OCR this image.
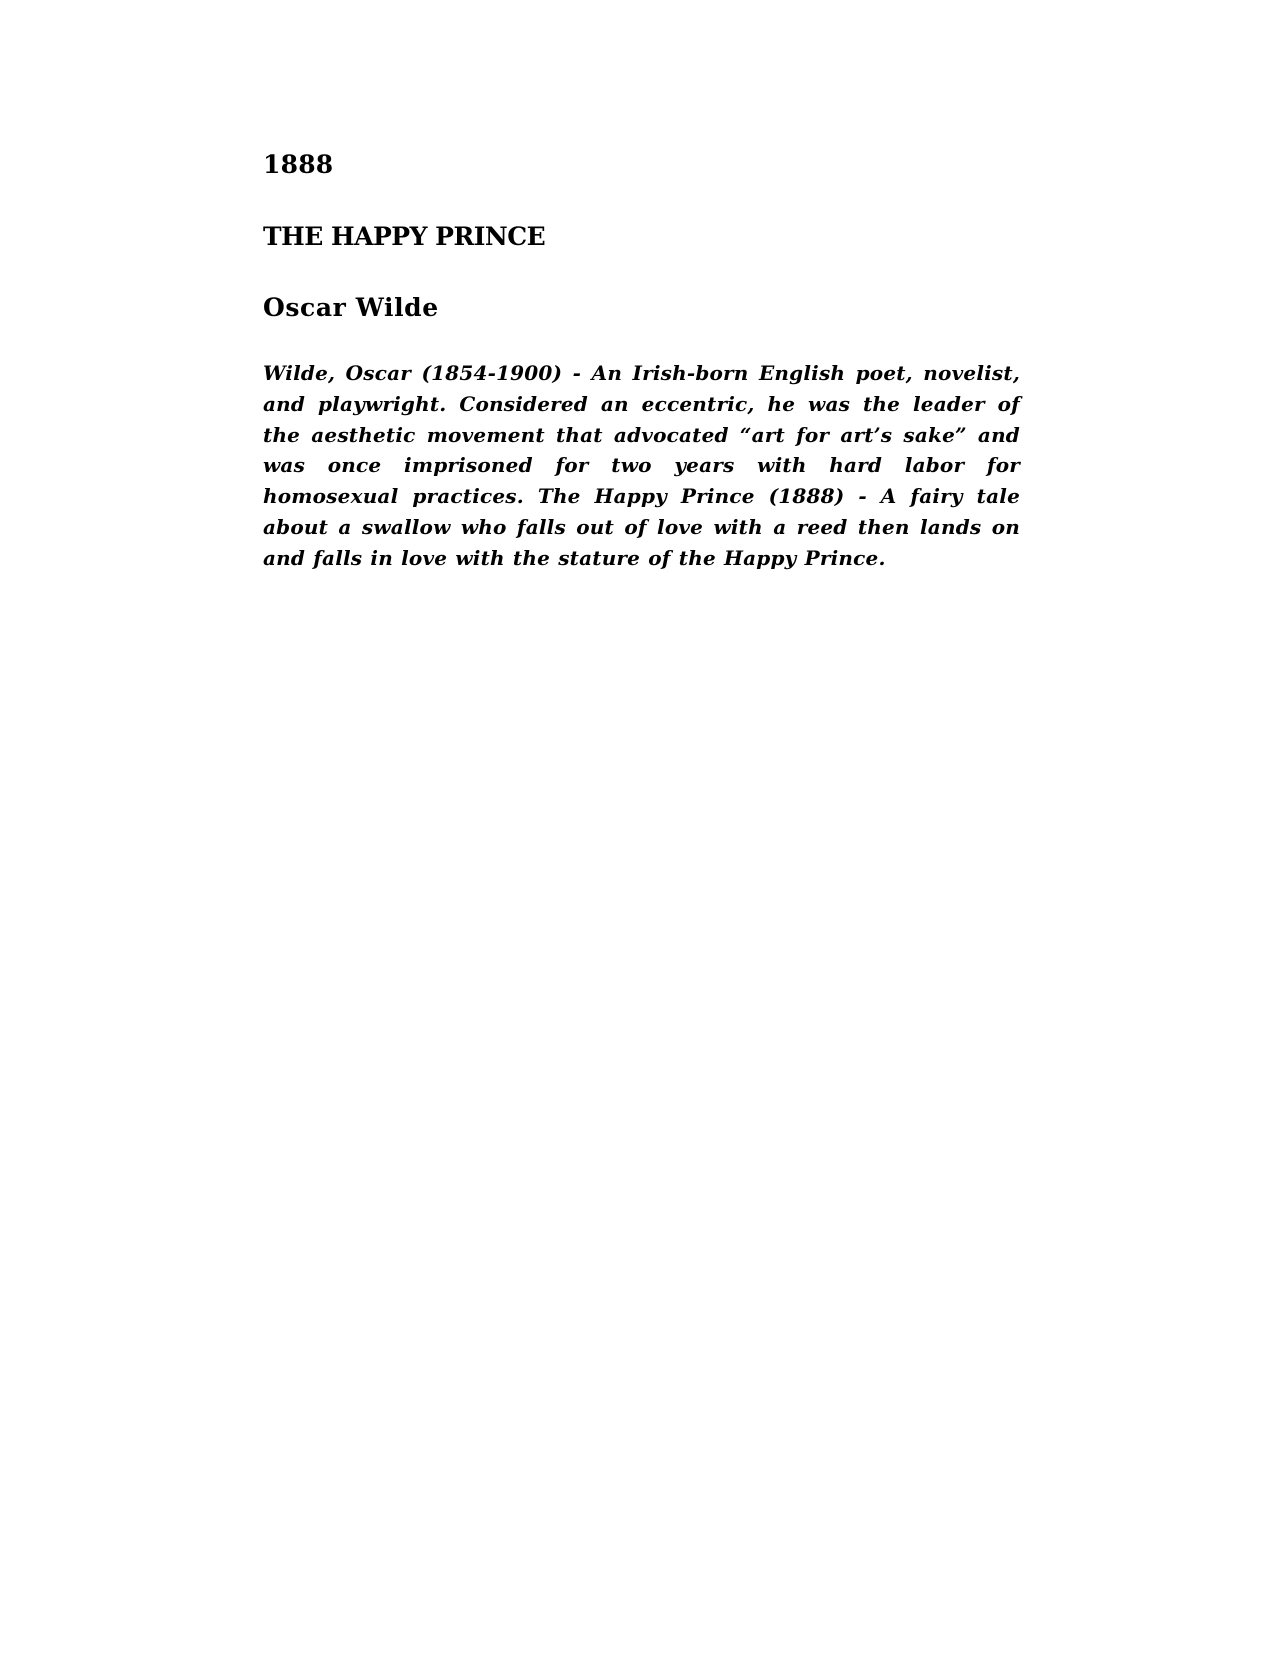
1888
THE HAPPY PRINCE
Oscar Wilde

Wilde, Oscar (1854-1900) - An Irish-born English poet, novelist, and playwright. Considered an eccentric, he was the leader of the aesthetic movement that advocated “art for art’s sake” and was once imprisoned for two years with hard labor for homosexual practices. The Happy Prince (1888) - A fairy tale about a swallow who falls out of love with a reed then lands on and falls in love with the stature of the Happy Prince.
